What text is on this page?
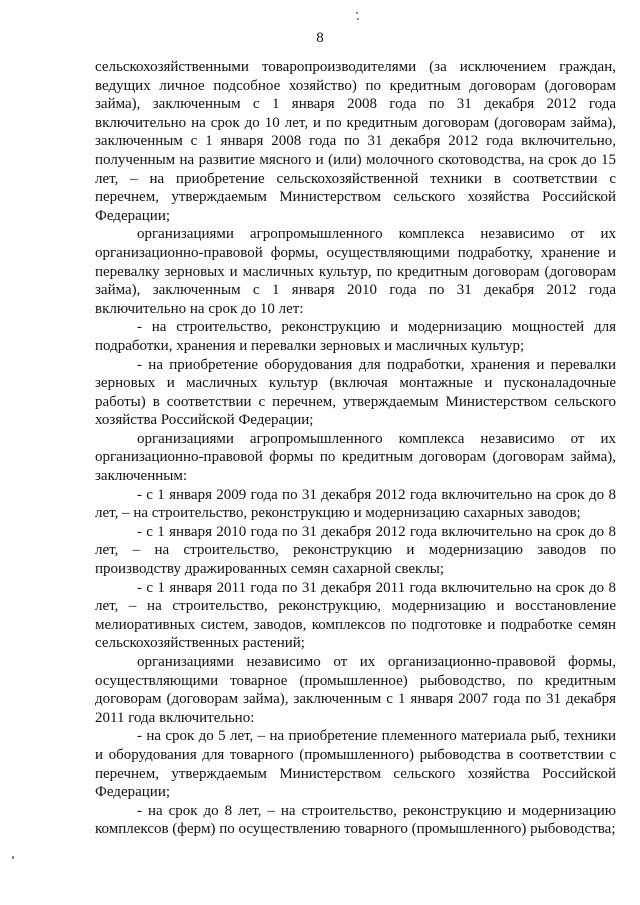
8

сельскохозяйственными товаропроизводителями (за исключением граждан, ведущих личное подсобное хозяйство) по кредитным договорам (договорам займа), заключенным с 1 января 2008 года по 31 декабря 2012 года включительно на срок до 10 лет, и по кредитным договорам (договорам займа), заключенным с 1 января 2008 года по 31 декабря 2012 года включительно, полученным на развитие мясного и (или) молочного скотоводства, на срок до 15 лет, – на приобретение сельскохозяйственной техники в соответствии с перечнем, утверждаемым Министерством сельского хозяйства Российской Федерации;

организациями агропромышленного комплекса независимо от их организационно-правовой формы, осуществляющими подработку, хранение и перевалку зерновых и масличных культур, по кредитным договорам (договорам займа), заключенным с 1 января 2010 года по 31 декабря 2012 года включительно на срок до 10 лет:

- на строительство, реконструкцию и модернизацию мощностей для подработки, хранения и перевалки зерновых и масличных культур;

- на приобретение оборудования для подработки, хранения и перевалки зерновых и масличных культур (включая монтажные и пусконаладочные работы) в соответствии с перечнем, утверждаемым Министерством сельского хозяйства Российской Федерации;

организациями агропромышленного комплекса независимо от их организационно-правовой формы по кредитным договорам (договорам займа), заключенным:

- с 1 января 2009 года по 31 декабря 2012 года включительно на срок до 8 лет, – на строительство, реконструкцию и модернизацию сахарных заводов;

- с 1 января 2010 года по 31 декабря 2012 года включительно на срок до 8 лет, – на строительство, реконструкцию и модернизацию заводов по производству дражированных семян сахарной свеклы;

- с 1 января 2011 года по 31 декабря 2011 года включительно на срок до 8 лет, – на строительство, реконструкцию, модернизацию и восстановление мелиоративных систем, заводов, комплексов по подготовке и подработке семян сельскохозяйственных растений;

организациями независимо от их организационно-правовой формы, осуществляющими товарное (промышленное) рыбоводство, по кредитным договорам (договорам займа), заключенным с 1 января 2007 года по 31 декабря 2011 года включительно:

- на срок до 5 лет, – на приобретение племенного материала рыб, техники и оборудования для товарного (промышленного) рыбоводства в соответствии с перечнем, утверждаемым Министерством сельского хозяйства Российской Федерации;

- на срок до 8 лет, – на строительство, реконструкцию и модернизацию комплексов (ферм) по осуществлению товарного (промышленного) рыбоводства;
